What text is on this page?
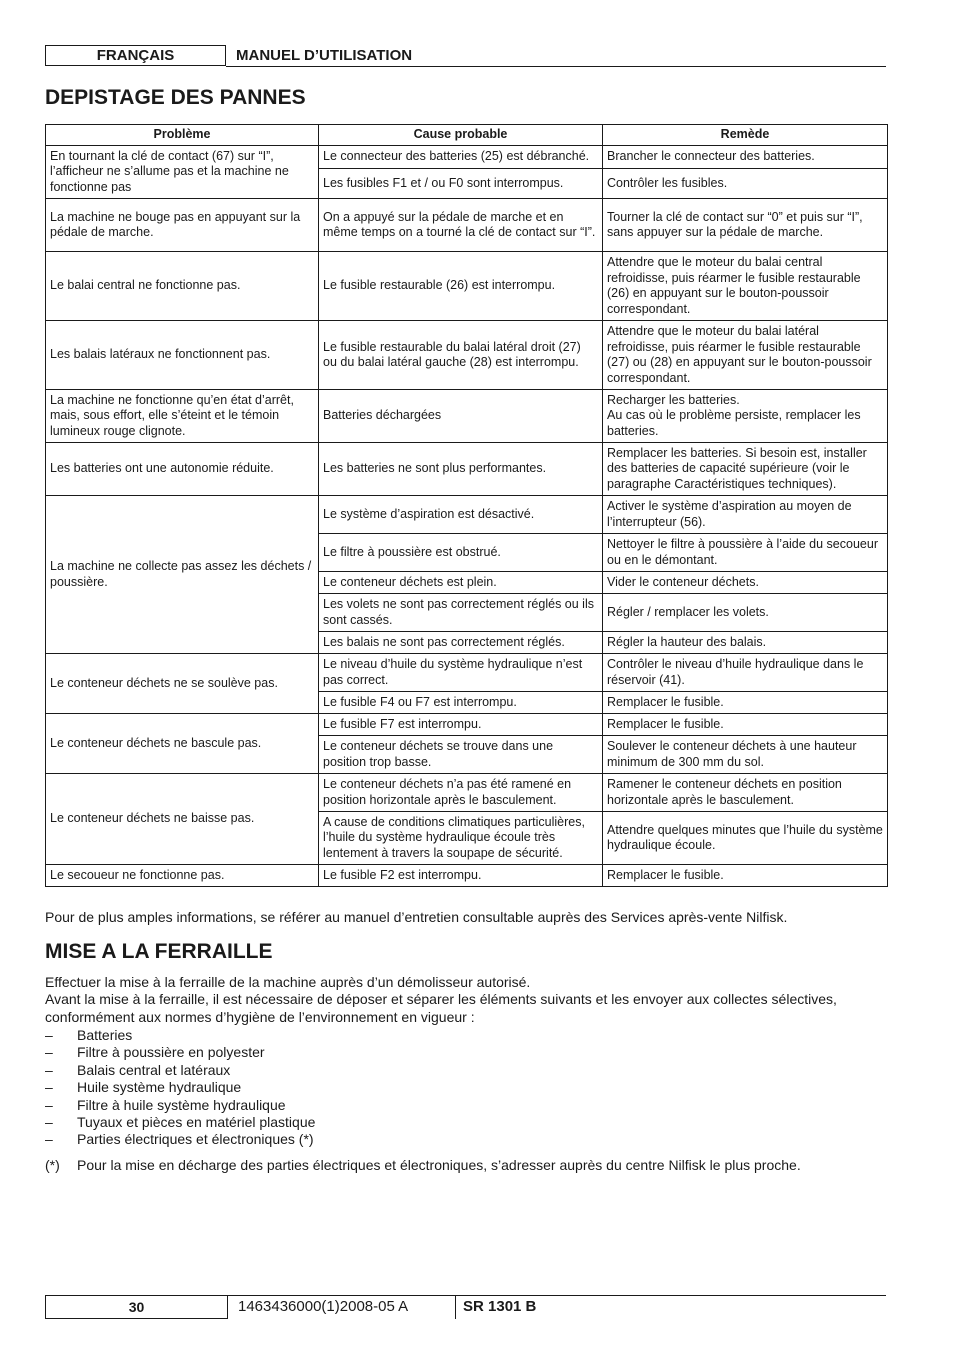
FRANÇAIS	MANUEL D’UTILISATION
DEPISTAGE DES PANNES
Problème	Cause probable	Remède
En tournant la clé de contact (67) sur “I”, l’afficheur ne s’allume pas et la machine ne fonctionne pas	Le connecteur des batteries (25) est débranché.	Brancher le connecteur des batteries.
	Les fusibles F1 et / ou F0 sont interrompus.	Contrôler les fusibles.
La machine ne bouge pas en appuyant sur la pédale de marche.	On a appuyé sur la pédale de marche et en même temps on a tourné la clé de contact sur “I”.	Tourner la clé de contact sur “0” et puis sur “I”, sans appuyer sur la pédale de marche.
Le balai central ne fonctionne pas.	Le fusible restaurable (26) est interrompu.	Attendre que le moteur du balai central refroidisse, puis réarmer le fusible restaurable (26) en appuyant sur le bouton-poussoir correspondant.
Les balais latéraux ne fonctionnent pas.	Le fusible restaurable du balai latéral droit (27) ou du balai latéral gauche (28) est interrompu.	Attendre que le moteur du balai latéral refroidisse, puis réarmer le fusible restaurable (27) ou (28) en appuyant sur le bouton-poussoir correspondant.
La machine ne fonctionne qu’en état d’arrêt, mais, sous effort, elle s’éteint et le témoin lumineux rouge clignote.	Batteries déchargées	Recharger les batteries.
Au cas où le problème persiste, remplacer les batteries.
Les batteries ont une autonomie réduite.	Les batteries ne sont plus performantes.	Remplacer les batteries. Si besoin est, installer des batteries de capacité supérieure (voir le paragraphe Caractéristiques techniques).
La machine ne collecte pas assez les déchets / poussière.	Le système d’aspiration est désactivé.	Activer le système d’aspiration au moyen de l’interrupteur (56).
	Le filtre à poussière est obstrué.	Nettoyer le filtre à poussière à l’aide du secoueur ou en le démontant.
	Le conteneur déchets est plein.	Vider le conteneur déchets.
	Les volets ne sont pas correctement réglés ou ils sont cassés.	Régler / remplacer les volets.
	Les balais ne sont pas correctement réglés.	Régler la hauteur des balais.
Le conteneur déchets ne se soulève pas.	Le niveau d’huile du système hydraulique n’est pas correct.	Contrôler le niveau d’huile hydraulique dans le réservoir (41).
	Le fusible F4 ou F7 est interrompu.	Remplacer le fusible.
Le conteneur déchets ne bascule pas.	Le fusible F7 est interrompu.	Remplacer le fusible.
	Le conteneur déchets se trouve dans une position trop basse.	Soulever le conteneur déchets à une hauteur minimum de 300 mm du sol.
Le conteneur déchets ne baisse pas.	Le conteneur déchets n’a pas été ramené en position horizontale après le basculement.	Ramener le conteneur déchets en position horizontale après le basculement.
	A cause de conditions climatiques particulières, l’huile du système hydraulique écoule très lentement à travers la soupape de sécurité.	Attendre quelques minutes que l’huile du système hydraulique écoule.
Le secoueur ne fonctionne pas.	Le fusible F2 est interrompu.	Remplacer le fusible.

Pour de plus amples informations, se référer au manuel d’entretien consultable auprès des Services après-vente Nilfisk.

MISE A LA FERRAILLE
Effectuer la mise à la ferraille de la machine auprès d’un démolisseur autorisé.
Avant la mise à la ferraille, il est nécessaire de déposer et séparer les éléments suivants et les envoyer aux collectes sélectives, conformément aux normes d’hygiène de l’environnement en vigueur :
– Batteries
– Filtre à poussière en polyester
– Balais central et latéraux
– Huile système hydraulique
– Filtre à huile système hydraulique
– Tuyaux et pièces en matériel plastique
– Parties électriques et électroniques (*)
(*) Pour la mise en décharge des parties électriques et électroniques, s’adresser auprès du centre Nilfisk le plus proche.
30	1463436000(1)2008-05 A	SR 1301 B
